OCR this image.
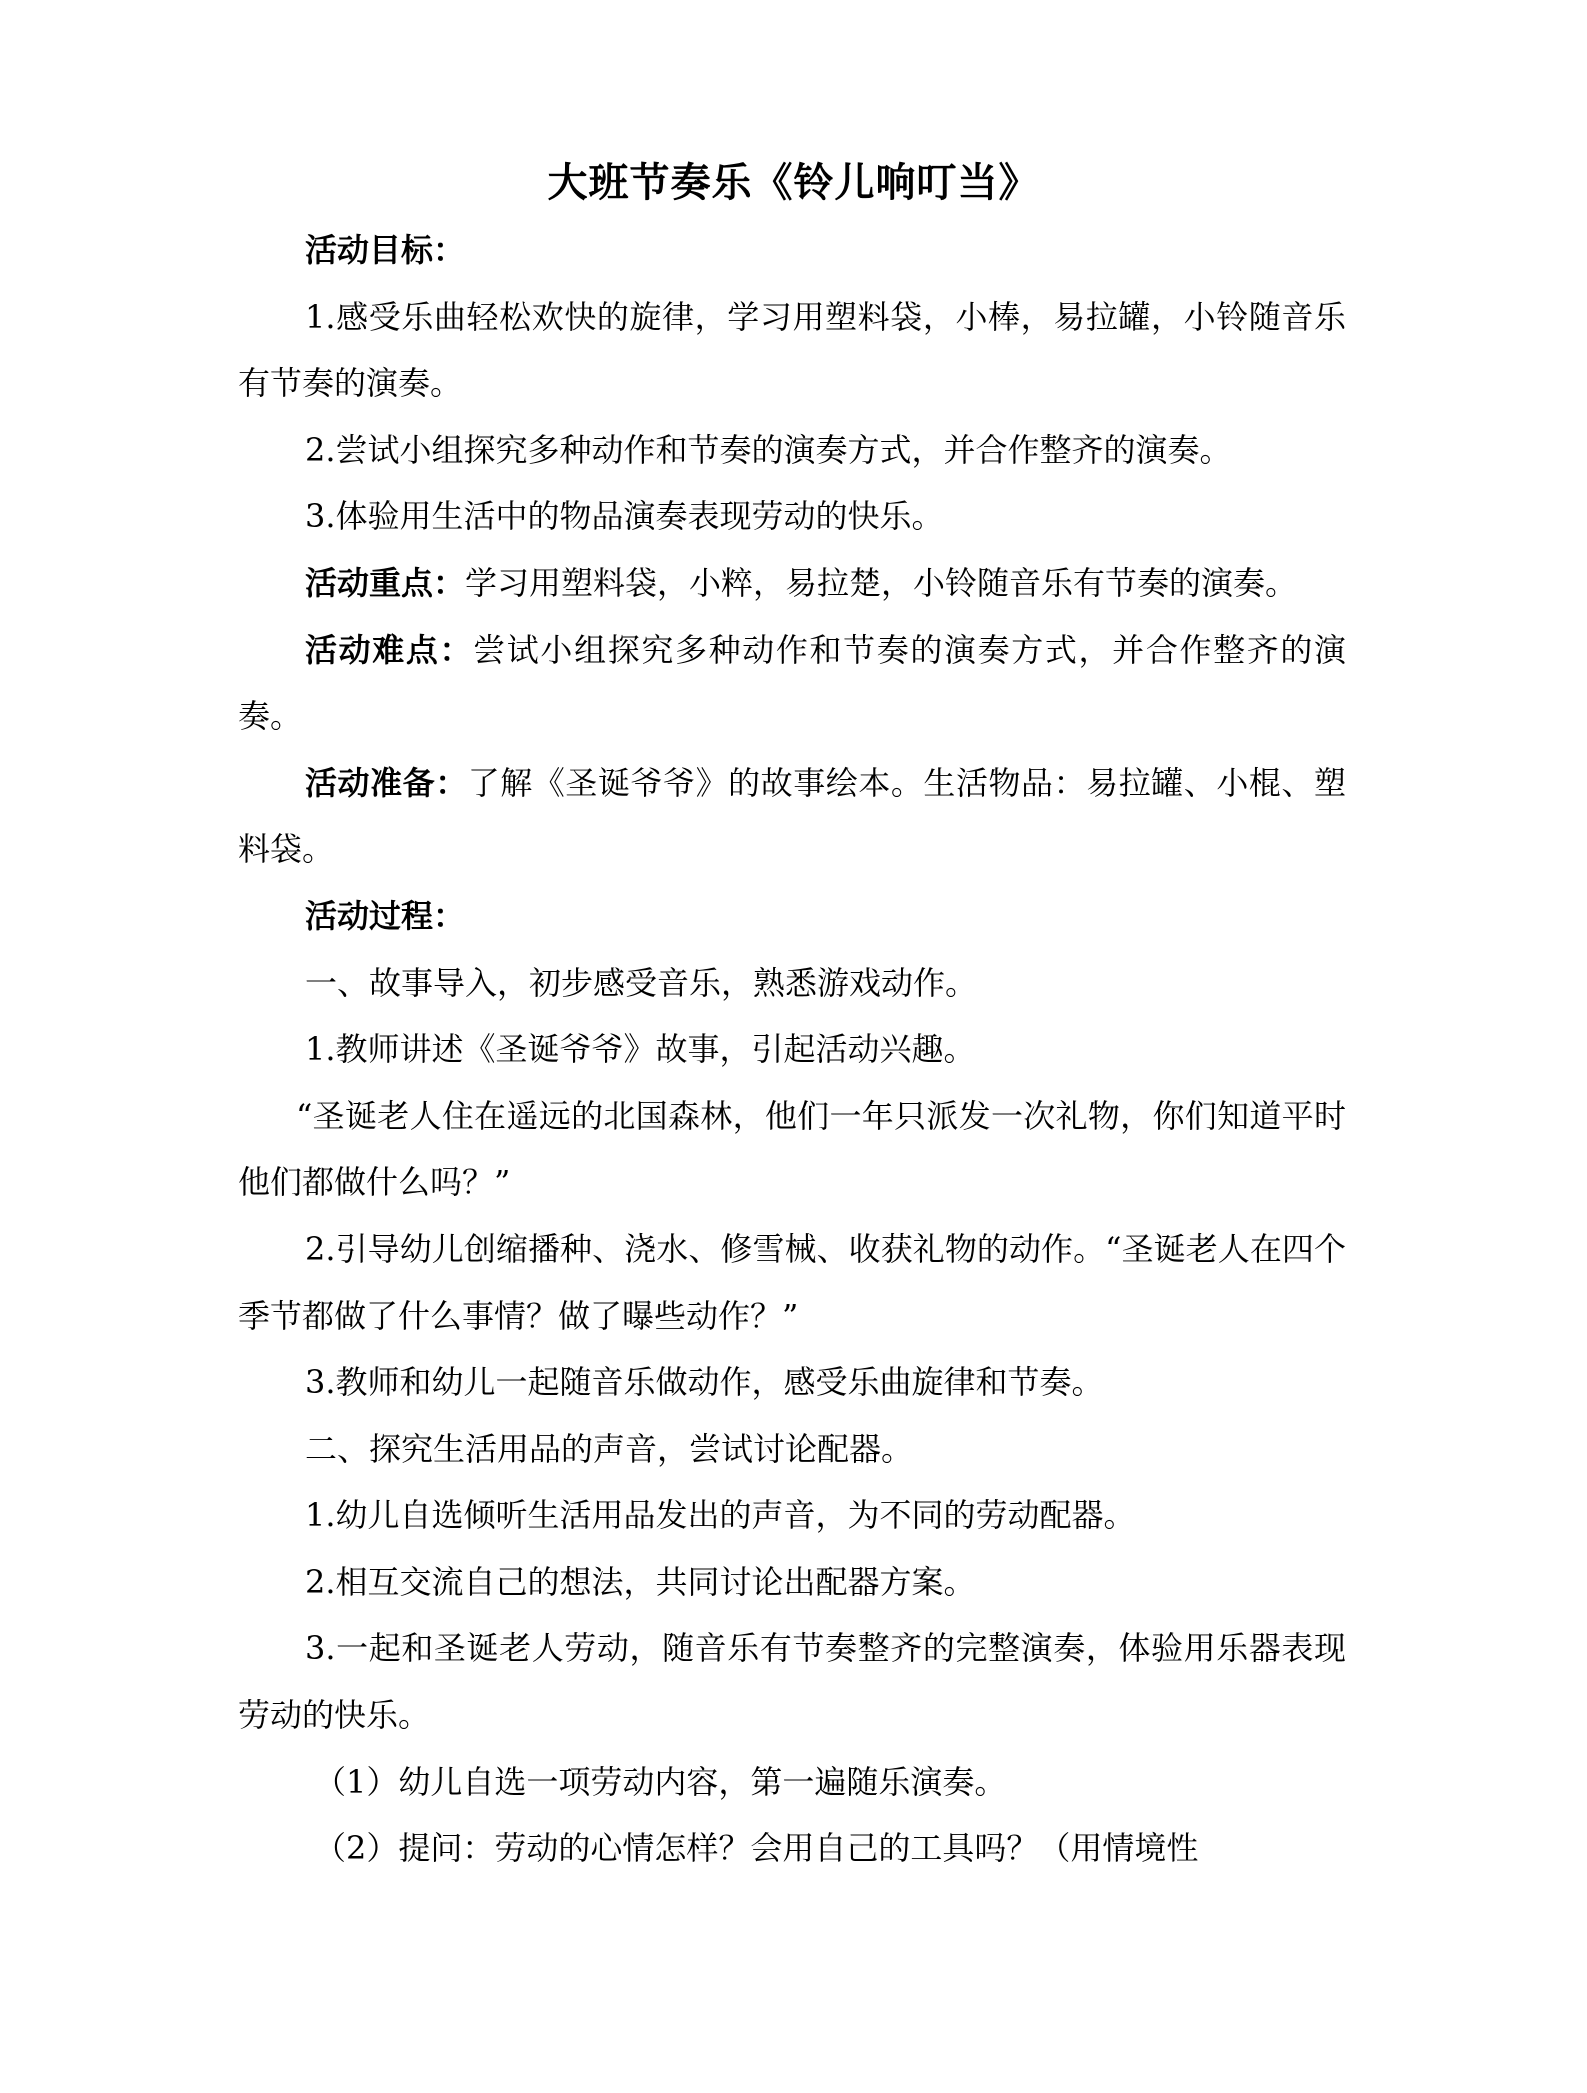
大班节奏乐《铃儿响叮当》

活动目标：

1.感受乐曲轻松欢快的旋律，学习用塑料袋，小棒，易拉罐，小铃随音乐有节奏的演奏。

2.尝试小组探究多种动作和节奏的演奏方式，并合作整齐的演奏。

3.体验用生活中的物品演奏表现劳动的快乐。

活动重点：学习用塑料袋，小粹，易拉楚，小铃随音乐有节奏的演奏。

活动难点：尝试小组探究多种动作和节奏的演奏方式，并合作整齐的演奏。

活动准备：了解《圣诞爷爷》的故事绘本。生活物品：易拉罐、小棍、塑料袋。

活动过程：

一、故事导入，初步感受音乐，熟悉游戏动作。

1.教师讲述《圣诞爷爷》故事，引起活动兴趣。

“圣诞老人住在遥远的北国森林，他们一年只派发一次礼物，你们知道平时他们都做什么吗？”

2.引导幼儿创缩播种、浇水、修雪械、收获礼物的动作。“圣诞老人在四个季节都做了什么事情？做了曝些动作？”

3.教师和幼儿一起随音乐做动作，感受乐曲旋律和节奏。

二、探究生活用品的声音，尝试讨论配器。

1.幼儿自选倾听生活用品发出的声音，为不同的劳动配器。

2.相互交流自己的想法，共同讨论出配器方案。

3.一起和圣诞老人劳动，随音乐有节奏整齐的完整演奏，体验用乐器表现劳动的快乐。

（1）幼儿自选一项劳动内容，第一遍随乐演奏。

（2）提问：劳动的心情怎样？会用自己的工具吗？（用情境性
